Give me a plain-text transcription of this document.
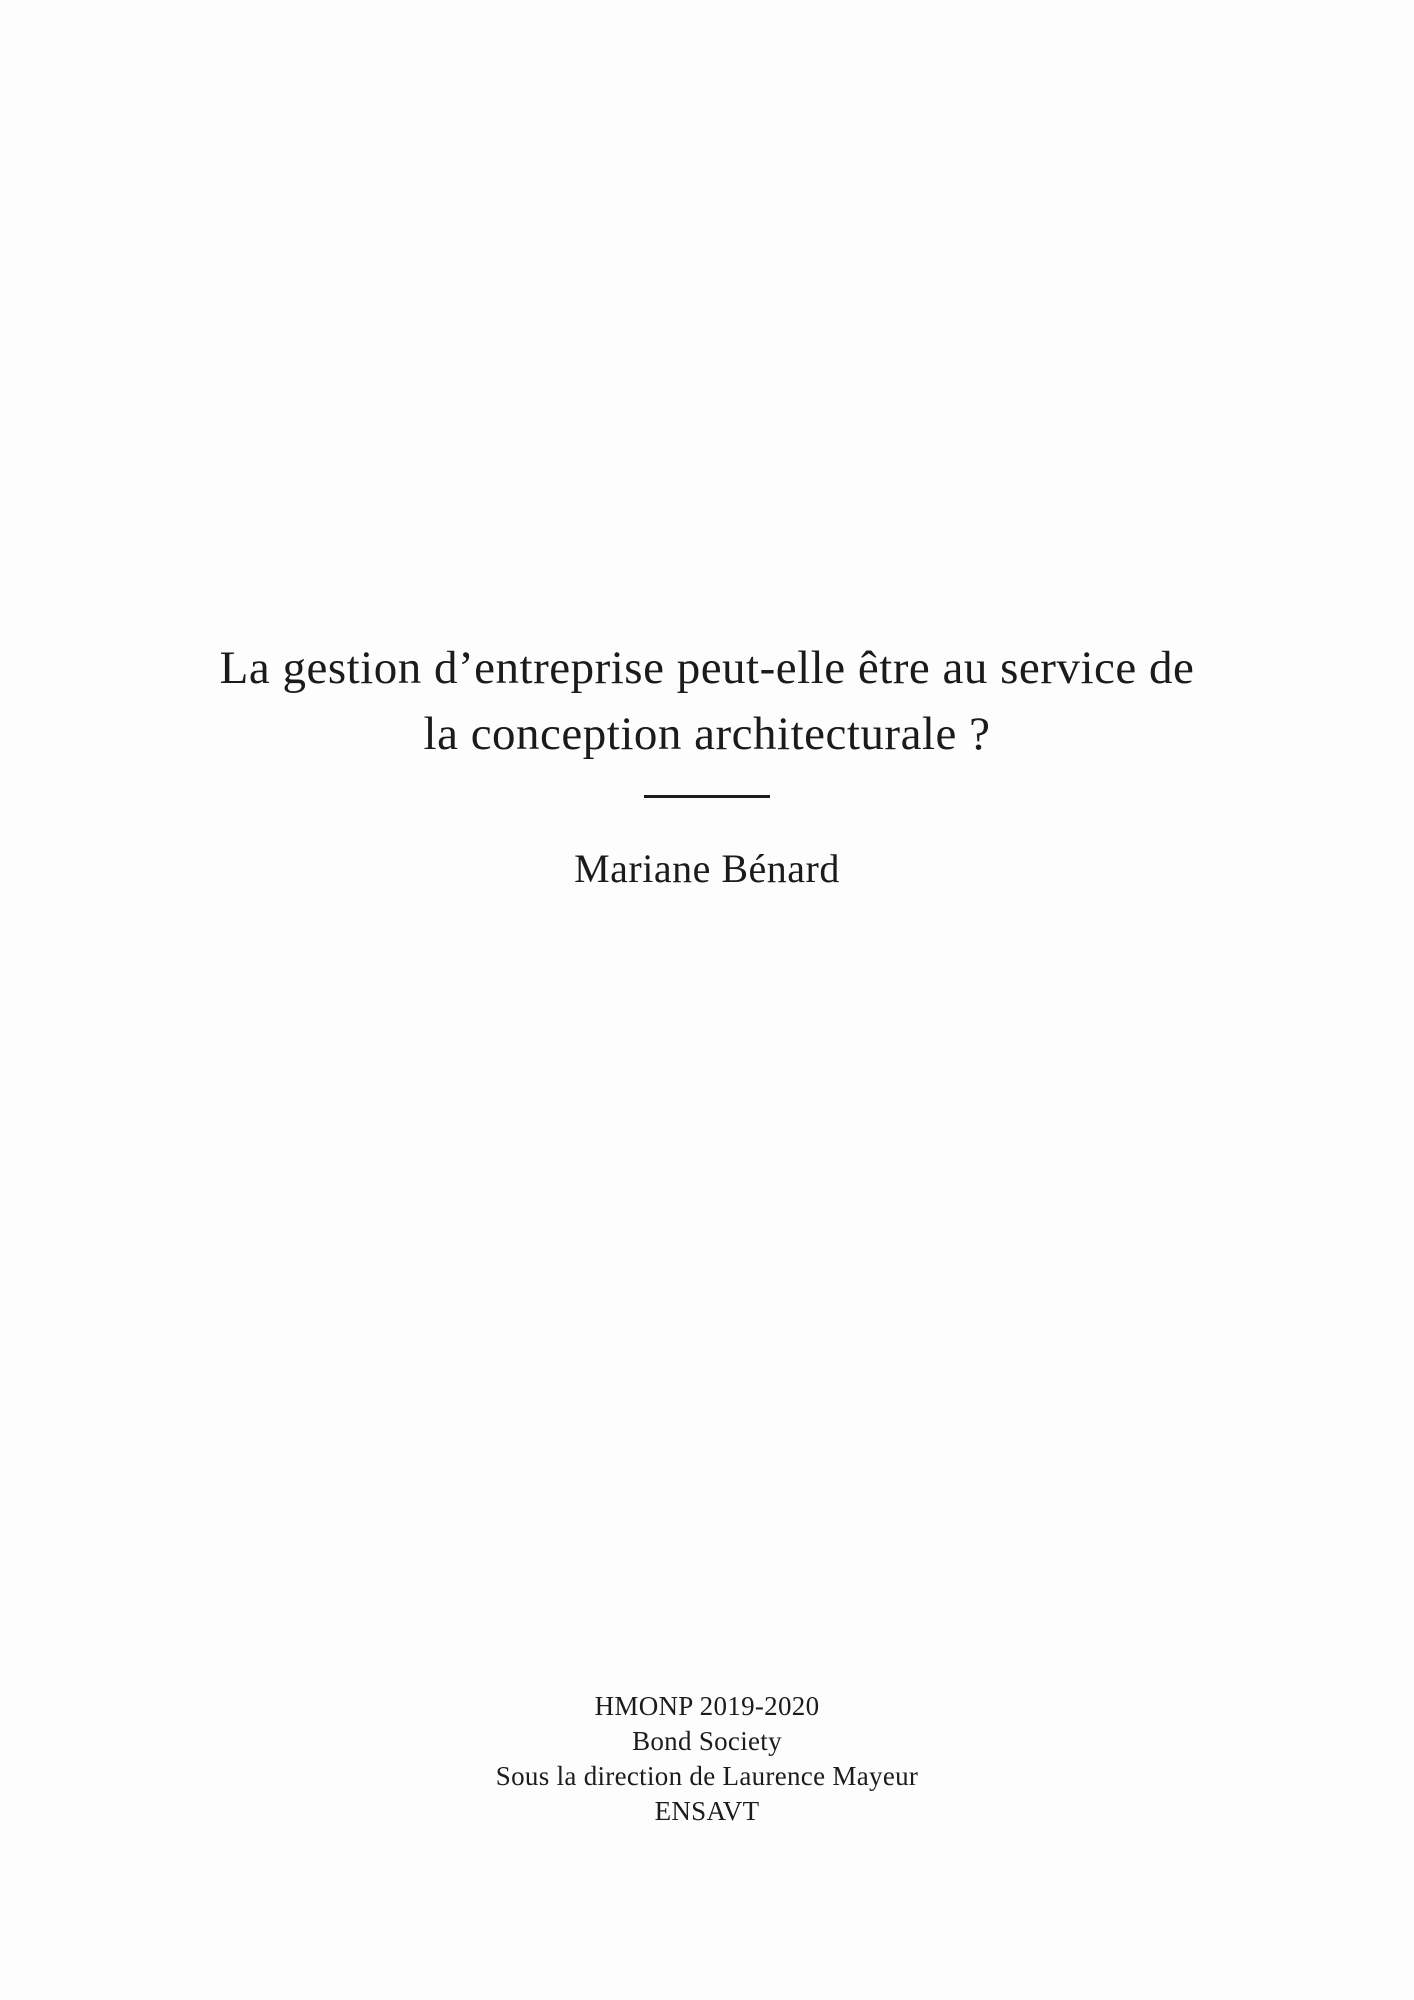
La gestion d’entreprise peut-elle être au service de
la conception architecturale ?
Mariane Bénard
HMONP 2019-2020
Bond Society
Sous la direction de Laurence Mayeur
ENSAVT
